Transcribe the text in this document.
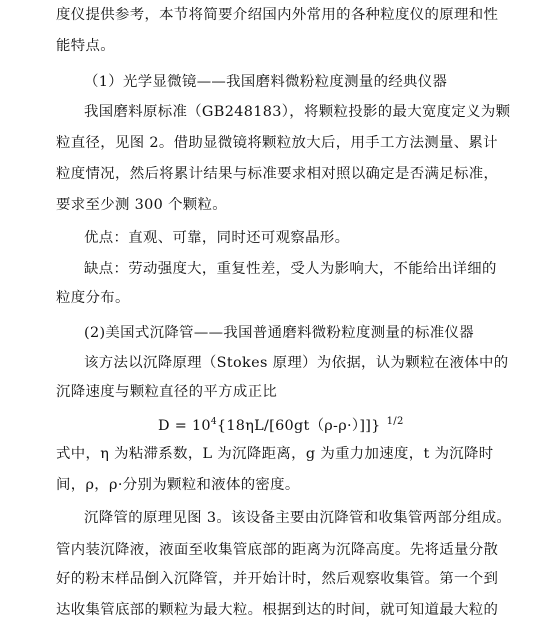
度仪提供参考，本节将简要介绍国内外常用的各种粒度仪的原理和性
能特点。
（1）光学显微镜——我国磨料微粉粒度测量的经典仪器
我国磨料原标准（GB248183），将颗粒投影的最大宽度定义为颗
粒直径，见图 2。借助显微镜将颗粒放大后，用手工方法测量、累计
粒度情况，然后将累计结果与标准要求相对照以确定是否满足标准，
要求至少测 300 个颗粒。
优点：直观、可靠，同时还可观察晶形。
缺点：劳动强度大，重复性差，受人为影响大，不能给出详细的
粒度分布。
(2)美国式沉降管——我国普通磨料微粉粒度测量的标准仪器
该方法以沉降原理（Stokes 原理）为依据，认为颗粒在液体中的
沉降速度与颗粒直径的平方成正比
$D = 10^4\{18\eta L/[60gt(\rho-\rho\cdot)]]$} $^{1/2}$
式中，η 为粘滞系数，L 为沉降距离，g 为重力加速度，t 为沉降时
间，ρ，ρ·分别为颗粒和液体的密度。
沉降管的原理见图 3。该设备主要由沉降管和收集管两部分组成。
管内装沉降液，液面至收集管底部的距离为沉降高度。先将适量分散
好的粉末样品倒入沉降管，并开始计时，然后观察收集管。第一个到
达收集管底部的颗粒为最大粒。根据到达的时间，就可知道最大粒的
